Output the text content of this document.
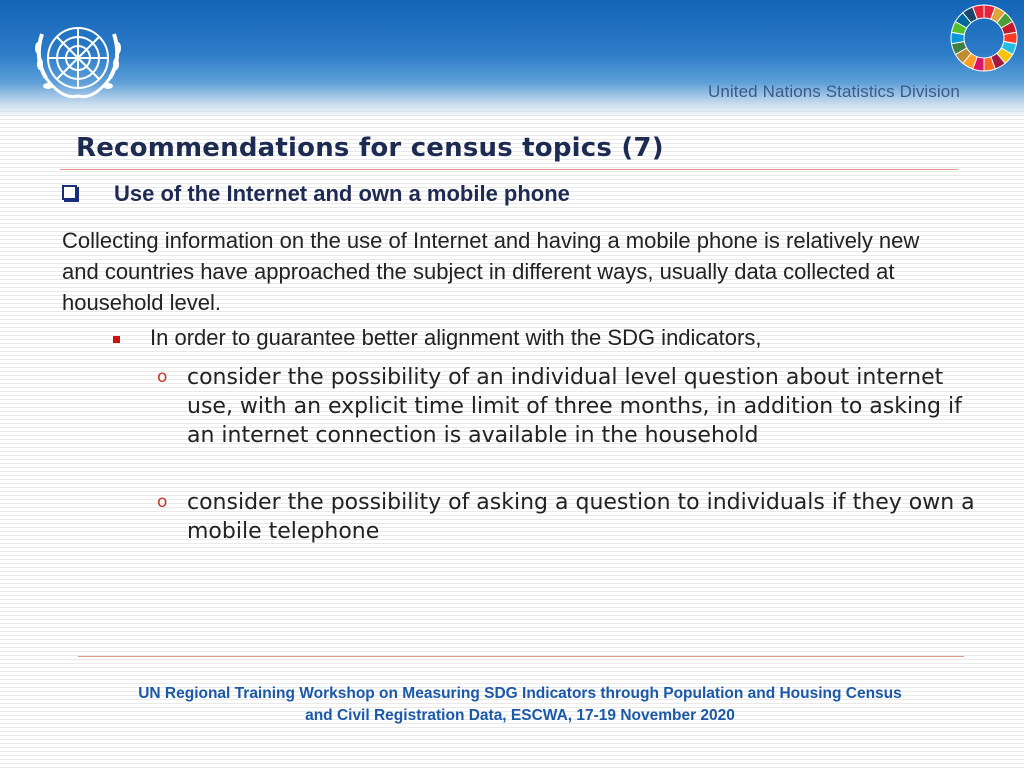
United Nations Statistics Division
Recommendations for census topics (7)
Use of the Internet and own a mobile phone

Collecting information on the use of Internet and having a mobile phone is relatively new and countries have approached the subject in different ways, usually data collected at household level.

In order to guarantee better alignment with the SDG indicators,
o consider the possibility of an individual level question about internet use, with an explicit time limit of three months, in addition to asking if an internet connection is available in the household

o consider the possibility of asking a question to individuals if they own a mobile telephone

UN Regional Training Workshop on Measuring SDG Indicators through Population and Housing Census
and Civil Registration Data, ESCWA, 17-19 November 2020
